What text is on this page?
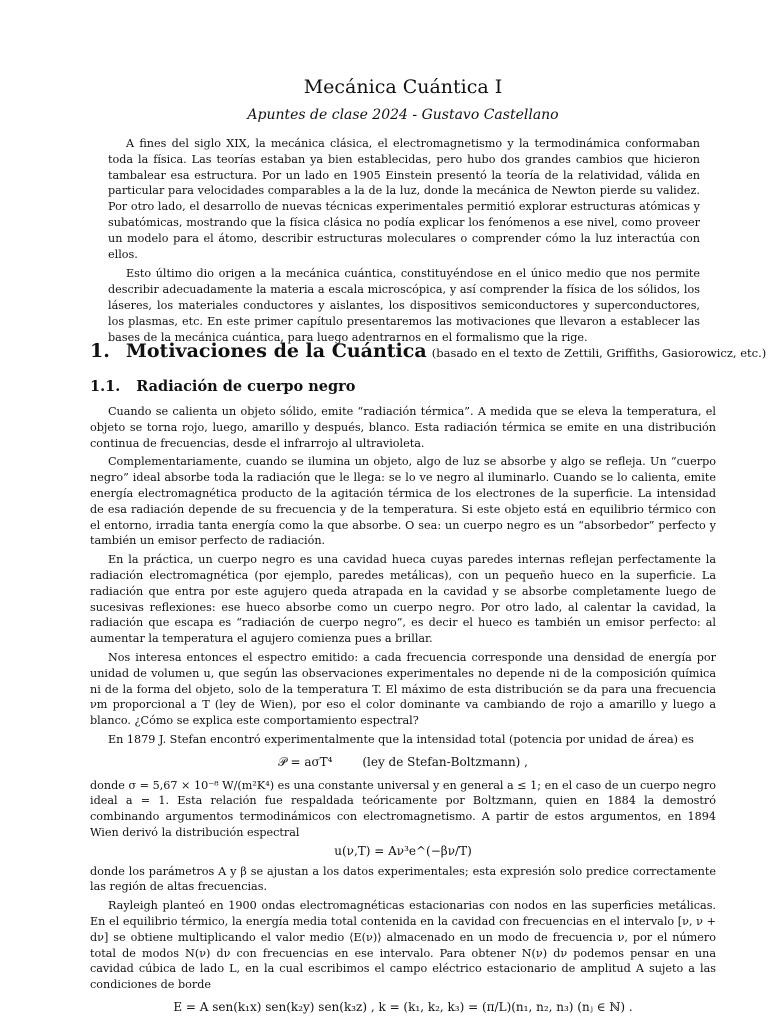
Mecánica Cuántica I
Apuntes de clase 2024 - Gustavo Castellano

A fines del siglo XIX, la mecánica clásica, el electromagnetismo y la termodinámica conformaban toda la física. Las teorías estaban ya bien establecidas, pero hubo dos grandes cambios que hicieron tambalear esa estructura. Por un lado en 1905 Einstein presentó la teoría de la relatividad, válida en particular para velocidades comparables a la de la luz, donde la mecánica de Newton pierde su validez. Por otro lado, el desarrollo de nuevas técnicas experimentales permitió explorar estructuras atómicas y subatómicas, mostrando que la física clásica no podía explicar los fenómenos a ese nivel, como proveer un modelo para el átomo, describir estructuras moleculares o comprender cómo la luz interactúa con ellos.

Esto último dio origen a la mecánica cuántica, constituyéndose en el único medio que nos permite describir adecuadamente la materia a escala microscópica, y así comprender la física de los sólidos, los láseres, los materiales conductores y aislantes, los dispositivos semiconductores y superconductores, los plasmas, etc. En este primer capítulo presentaremos las motivaciones que llevaron a establecer las bases de la mecánica cuántica, para luego adentrarnos en el formalismo que la rige.

1. Motivaciones de la Cuántica (basado en el texto de Zettili, Griffiths, Gasiorowicz, etc.)
1.1. Radiación de cuerpo negro

Cuando se calienta un objeto sólido, emite “radiación térmica”. A medida que se eleva la temperatura, el objeto se torna rojo, luego, amarillo y después, blanco. Esta radiación térmica se emite en una distribución continua de frecuencias, desde el infrarrojo al ultravioleta.

Complementariamente, cuando se ilumina un objeto, algo de luz se absorbe y algo se refleja. Un “cuerpo negro” ideal absorbe toda la radiación que le llega: se lo ve negro al iluminarlo. Cuando se lo calienta, emite energía electromagnética producto de la agitación térmica de los electrones de la superficie. La intensidad de esa radiación depende de su frecuencia y de la temperatura. Si este objeto está en equilibrio térmico con el entorno, irradia tanta energía como la que absorbe. O sea: un cuerpo negro es un “absorbedor” perfecto y también un emisor perfecto de radiación.

En la práctica, un cuerpo negro es una cavidad hueca cuyas paredes internas reflejan perfectamente la radiación electromagnética (por ejemplo, paredes metálicas), con un pequeño hueco en la superficie. La radiación que entra por este agujero queda atrapada en la cavidad y se absorbe completamente luego de sucesivas reflexiones: ese hueco absorbe como un cuerpo negro. Por otro lado, al calentar la cavidad, la radiación que escapa es “radiación de cuerpo negro”, es decir el hueco es también un emisor perfecto: al aumentar la temperatura el agujero comienza pues a brillar.

Nos interesa entonces el espectro emitido: a cada frecuencia corresponde una densidad de energía por unidad de volumen u, que según las observaciones experimentales no depende ni de la composición química ni de la forma del objeto, solo de la temperatura T. El máximo de esta distribución se da para una frecuencia νm proporcional a T (ley de Wien), por eso el color dominante va cambiando de rojo a amarillo y luego a blanco. ¿Cómo se explica este comportamiento espectral?

En 1879 J. Stefan encontró experimentalmente que la intensidad total (potencia por unidad de área) es

𝒫 = aσT⁴ (ley de Stefan-Boltzmann) ,

donde σ = 5,67 × 10⁻⁸ W/(m²K⁴) es una constante universal y en general a ≤ 1; en el caso de un cuerpo negro ideal a = 1. Esta relación fue respaldada teóricamente por Boltzmann, quien en 1884 la demostró combinando argumentos termodinámicos con electromagnetismo. A partir de estos argumentos, en 1894 Wien derivó la distribución espectral

u(ν,T) = Aν³e^(−βν/T)

donde los parámetros A y β se ajustan a los datos experimentales; esta expresión solo predice correctamente las región de altas frecuencias.

Rayleigh planteó en 1900 ondas electromagnéticas estacionarias con nodos en las superficies metálicas. En el equilibrio térmico, la energía media total contenida en la cavidad con frecuencias en el intervalo [ν, ν + dν] se obtiene multiplicando el valor medio ⟨E(ν)⟩ almacenado en un modo de frecuencia ν, por el número total de modos N(ν) dν con frecuencias en ese intervalo. Para obtener N(ν) dν podemos pensar en una cavidad cúbica de lado L, en la cual escribimos el campo eléctrico estacionario de amplitud A sujeto a las condiciones de borde

E = A sen(k₁x) sen(k₂y) sen(k₃z) , k = (k₁, k₂, k₃) = (π/L)(n₁, n₂, n₃) (nⱼ ∈ ℕ) .
